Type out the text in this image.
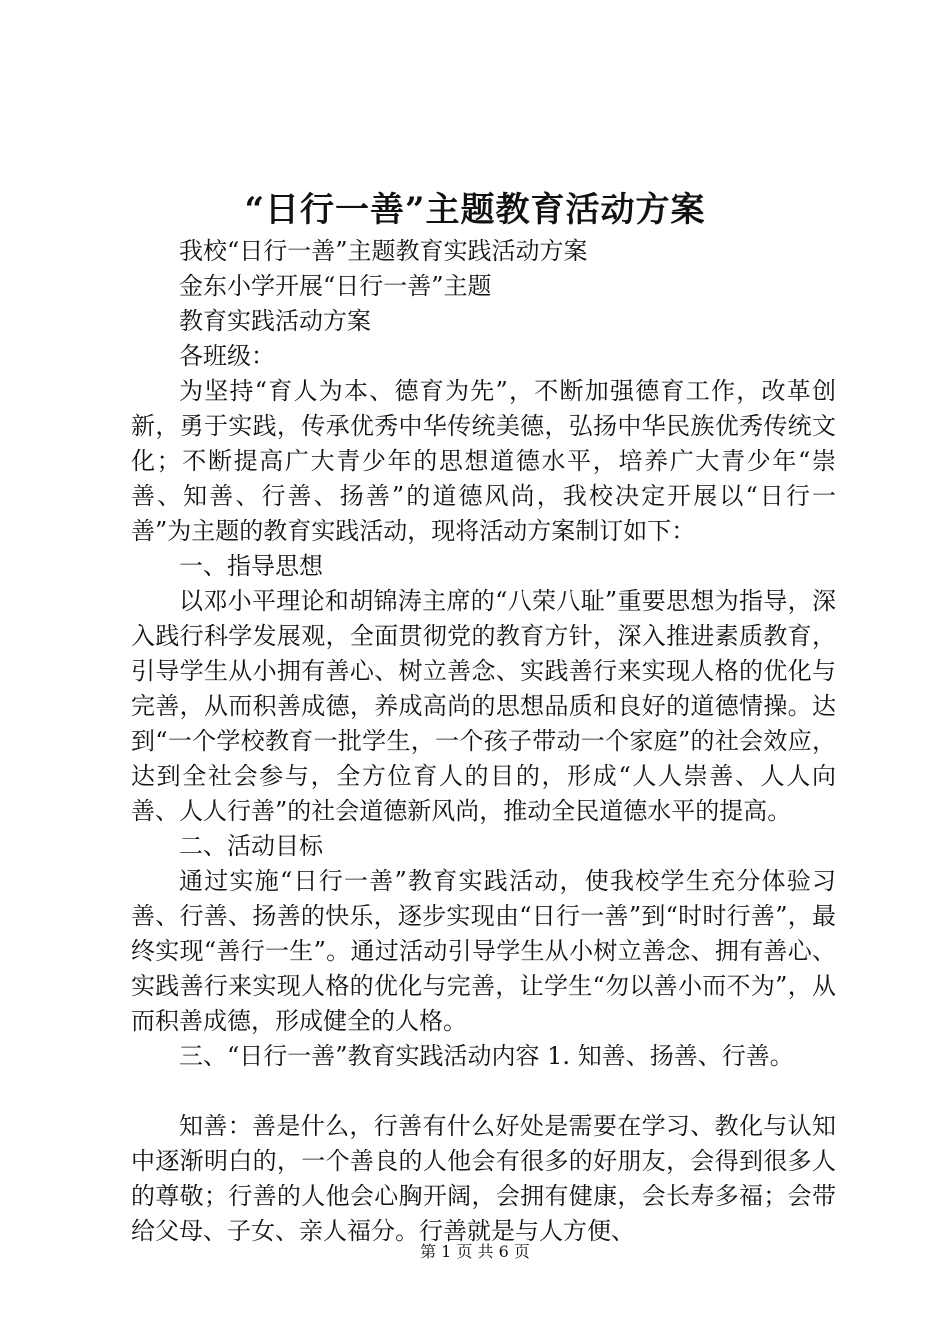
“日行一善”主题教育活动方案

我校“日行一善”主题教育实践活动方案

金东小学开展“日行一善”主题

教育实践活动方案

各班级：

为坚持“育人为本、德育为先”，不断加强德育工作，改革创新，勇于实践，传承优秀中华传统美德，弘扬中华民族优秀传统文化；不断提高广大青少年的思想道德水平，培养广大青少年“崇善、知善、行善、扬善”的道德风尚，我校决定开展以“日行一善”为主题的教育实践活动，现将活动方案制订如下：

一、指导思想

以邓小平理论和胡锦涛主席的“八荣八耻”重要思想为指导，深入践行科学发展观，全面贯彻党的教育方针，深入推进素质教育，引导学生从小拥有善心、树立善念、实践善行来实现人格的优化与完善，从而积善成德，养成高尚的思想品质和良好的道德情操。达到“一个学校教育一批学生，一个孩子带动一个家庭”的社会效应，达到全社会参与，全方位育人的目的，形成“人人崇善、人人向善、人人行善”的社会道德新风尚，推动全民道德水平的提高。

二、活动目标

通过实施“日行一善”教育实践活动，使我校学生充分体验习善、行善、扬善的快乐，逐步实现由“日行一善”到“时时行善”，最终实现“善行一生”。通过活动引导学生从小树立善念、拥有善心、实践善行来实现人格的优化与完善，让学生“勿以善小而不为”，从而积善成德，形成健全的人格。

三、“日行一善”教育实践活动内容 1. 知善、扬善、行善。

知善：善是什么，行善有什么好处是需要在学习、教化与认知中逐渐明白的，一个善良的人他会有很多的好朋友，会得到很多人的尊敬；行善的人他会心胸开阔，会拥有健康，会长寿多福；会带给父母、子女、亲人福分。行善就是与人方便、

第 1 页 共 6 页
